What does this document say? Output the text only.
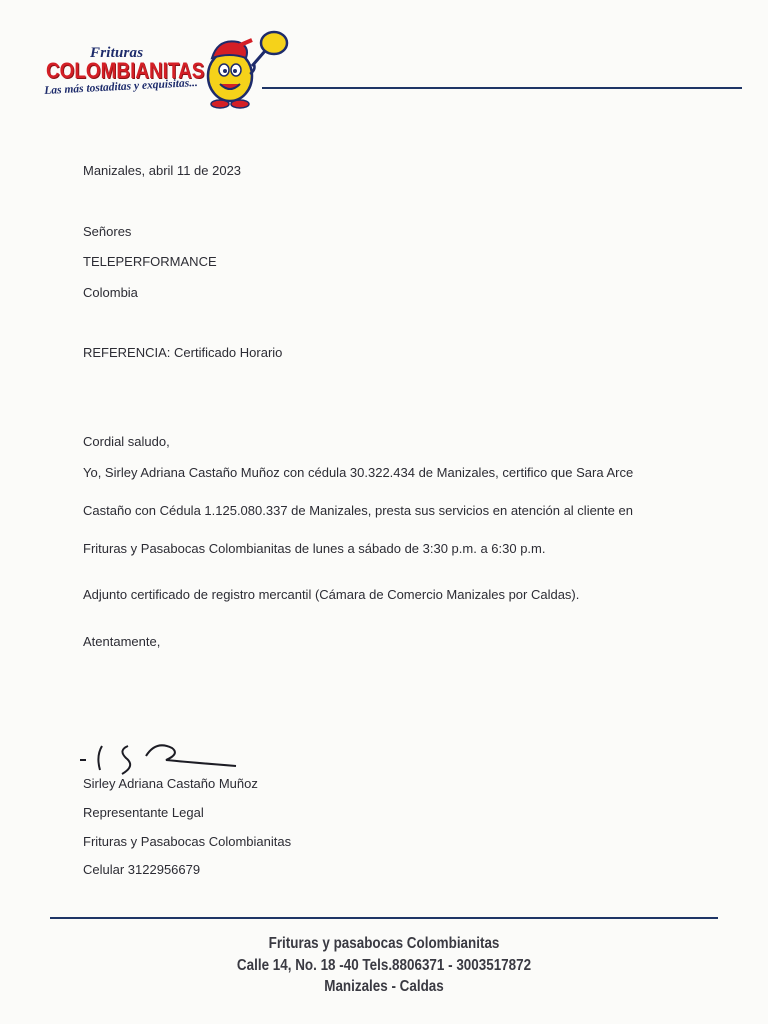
Frituras
COLOMBIANITAS
Las más tostaditas y exquisitas...
Manizales, abril 11 de 2023
Señores
TELEPERFORMANCE
Colombia
REFERENCIA: Certificado Horario
Cordial saludo,
Yo, Sirley Adriana Castaño Muñoz con cédula 30.322.434 de Manizales, certifico que Sara Arce
Castaño con Cédula 1.125.080.337 de Manizales, presta sus servicios en atención al cliente en
Frituras y Pasabocas Colombianitas de lunes a sábado de 3:30 p.m. a 6:30 p.m.
Adjunto certificado de registro mercantil (Cámara de Comercio Manizales por Caldas).
Atentamente,
Sirley Adriana Castaño Muñoz
Representante Legal
Frituras y Pasabocas Colombianitas
Celular 3122956679
Frituras y pasabocas Colombianitas
Calle 14, No. 18 -40 Tels.8806371 - 3003517872
Manizales - Caldas
